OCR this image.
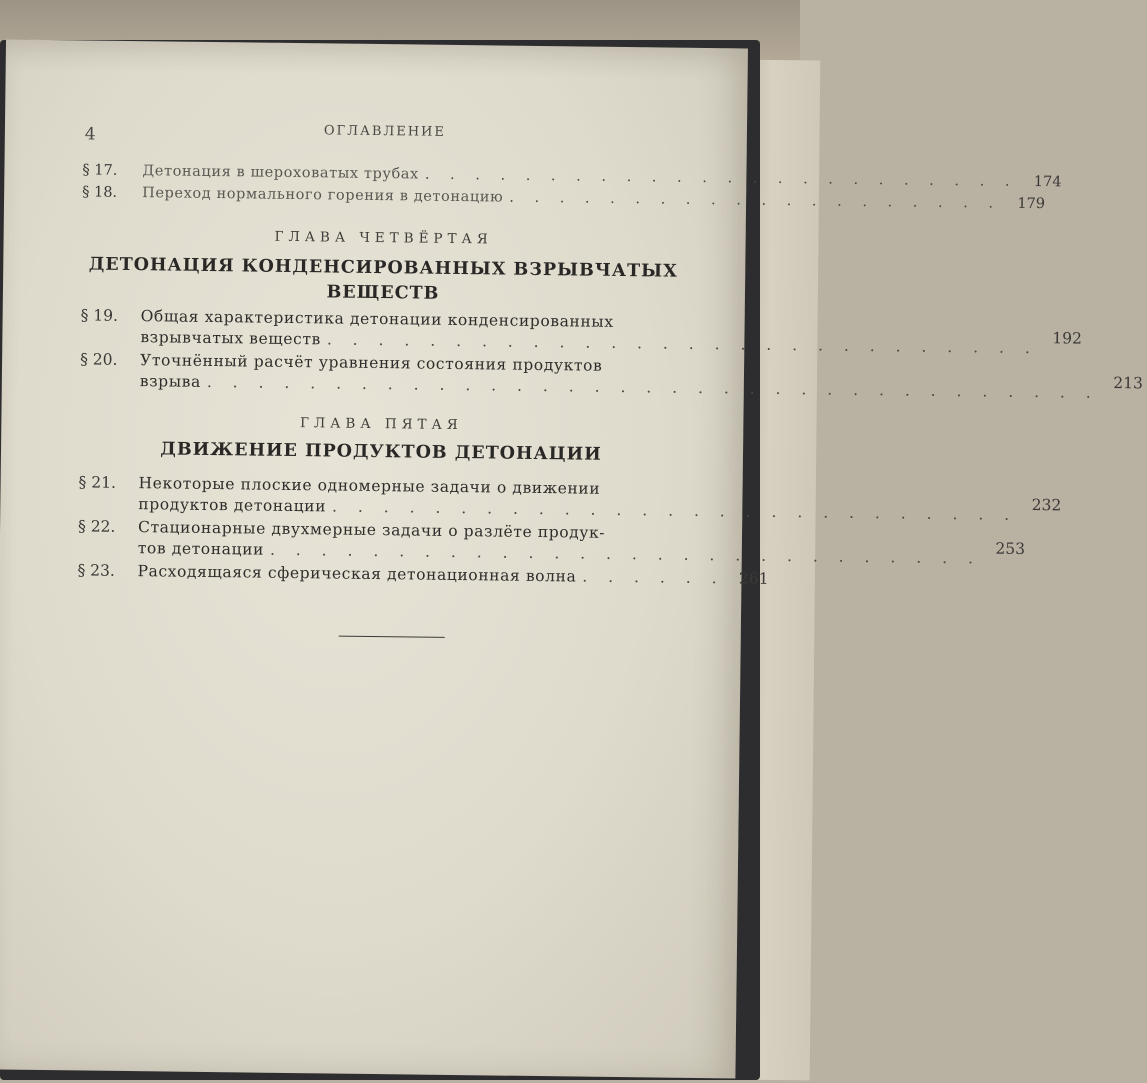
4	ОГЛАВЛЕНИЕ
§ 17.	Детонация в шероховатых трубах . . . . . . . . . . . . . . . . . . . . . . . .	174
§ 18.	Переход нормального горения в детонацию . . . . . . . . . . . . . . . . . . . .	179
ГЛАВА ЧЕТВЁРТАЯ
ДЕТОНАЦИЯ КОНДЕНСИРОВАННЫХ ВЗРЫВЧАТЫХ
ВЕЩЕСТВ
§ 19.	Общая характеристика детонации конденсированных
взрывчатых веществ . . . . . . . . . . . . . . . . . . . . . . . . . . . . 192
§ 20.	Уточнённый расчёт уравнения состояния продуктов
взрыва . . . . . . . . . . . . . . . . . . . . . . . . . . . . . . . . . . . 213
ГЛАВА ПЯТАЯ
ДВИЖЕНИЕ ПРОДУКТОВ ДЕТОНАЦИИ
§ 21.	Некоторые плоские одномерные задачи о движении
продуктов детонации . . . . . . . . . . . . . . . . . . . . . . . . . . . 232
§ 22.	Стационарные двухмерные задачи о разлёте продук-
тов детонации . . . . . . . . . . . . . . . . . . . . . . . . . . . . 253
§ 23.	Расходящаяся сферическая детонационная волна . . . . . . 261
